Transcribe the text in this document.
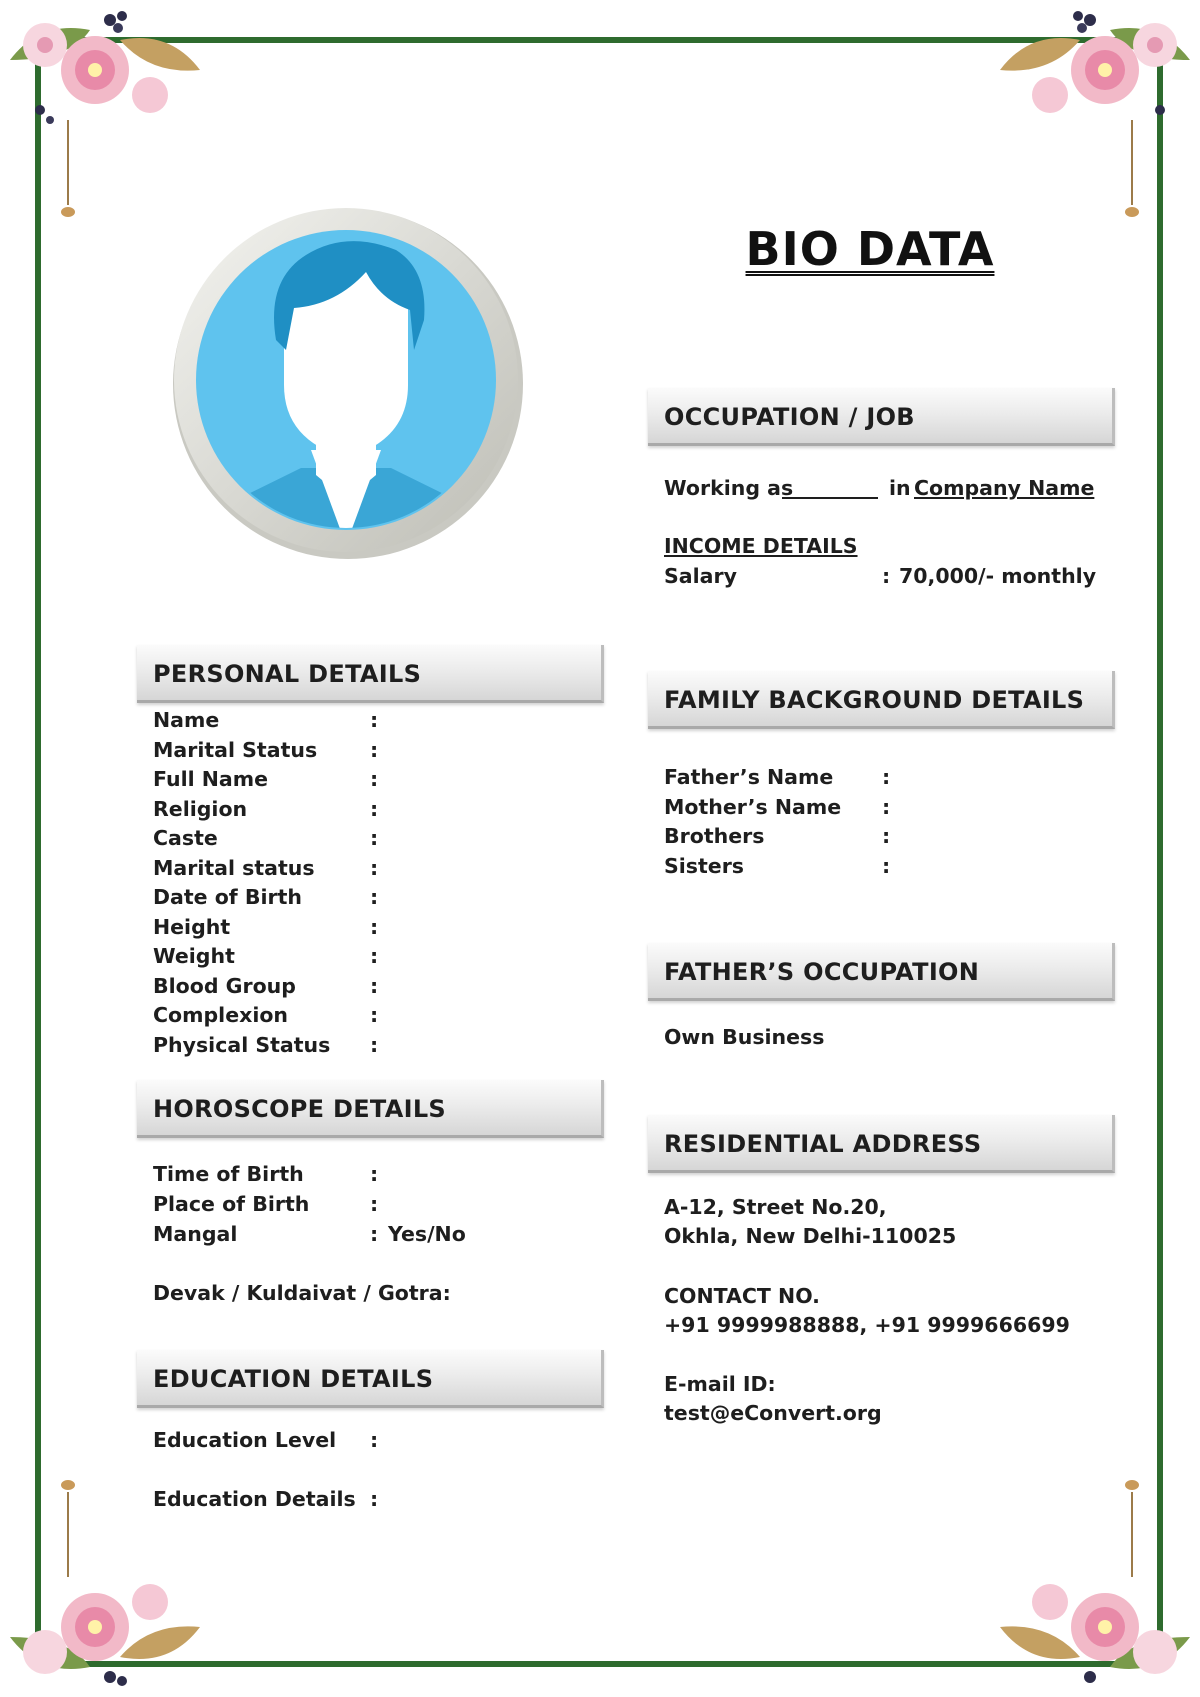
BIO DATA
OCCUPATION / JOB
Working as	in Company Name
INCOME DETAILS
Salary	: 70,000/- monthly
PERSONAL DETAILS
Name	:
Marital Status	:
Full Name	:
Religion	:
Caste	:
Marital status	:
Date of Birth	:
Height	:
Weight	:
Blood Group	:
Complexion	:
Physical Status :
FAMILY BACKGROUND DETAILS
Father’s Name :
Mother’s Name :
Brothers	:
Sisters	:
FATHER’S OCCUPATION
Own Business
HOROSCOPE DETAILS
Time of Birth	:
Place of Birth	:
Mangal	: Yes/No
Devak / Kuldaivat / Gotra:
RESIDENTIAL ADDRESS
A-12, Street No.20,
Okhla, New Delhi-110025
CONTACT NO.
+91 9999988888, +91 9999666699
E-mail ID:
test@eConvert.org
EDUCATION DETAILS
Education Level :
Education Details :
